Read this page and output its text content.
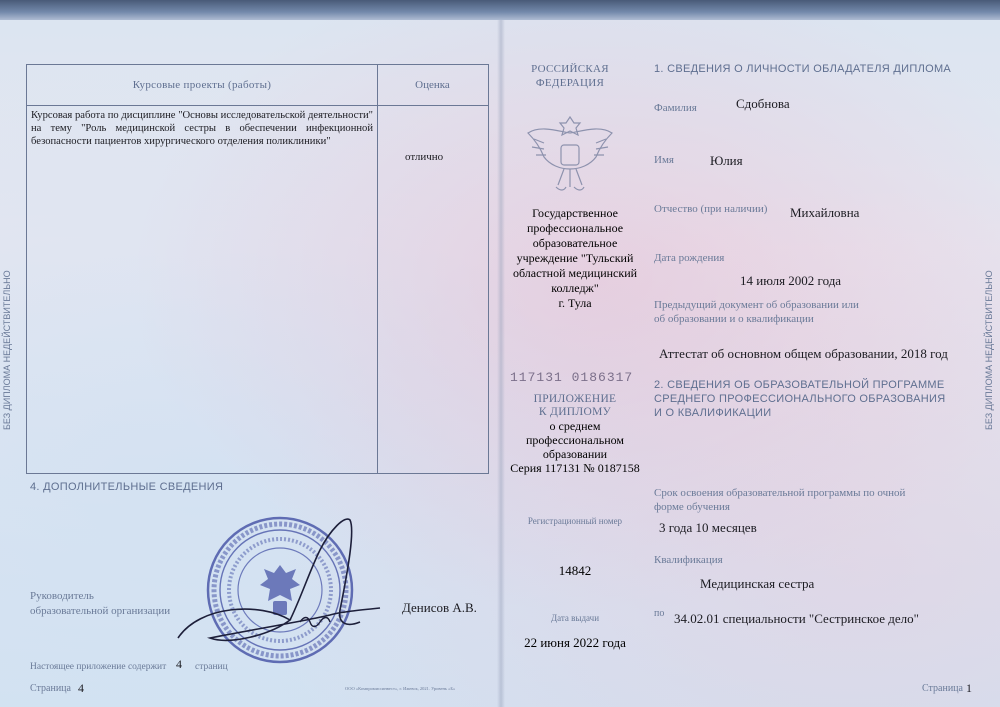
БЕЗ ДИПЛОМА НЕДЕЙСТВИТЕЛЬНО
Курсовые проекты (работы)	Оценка
Курсовая работа по дисциплине "Основы исследовательской деятельности" на тему "Роль медицинской сестры в обеспечении инфекционной безопасности пациентов хирургического отделения поликлиники"
отлично
4. ДОПОЛНИТЕЛЬНЫЕ СВЕДЕНИЯ
Руководитель
образовательной организации	Денисов А.В.
Настоящее приложение содержит 4 страниц
Страница 4	ООО «Компромиссинвест», г. Ижевск, 2021. Уровень «Б»
РОССИЙСКАЯ
ФЕДЕРАЦИЯ
Государственное
профессиональное
образовательное
учреждение "Тульский
областной медицинский
колледж"
г. Тула
117131 0186317
ПРИЛОЖЕНИЕ
К ДИПЛОМУ
о среднем
профессиональном
образовании
Серия 117131 № 0187158
Регистрационный номер
14842
Дата выдачи
22 июня 2022 года
1. СВЕДЕНИЯ О ЛИЧНОСТИ ОБЛАДАТЕЛЯ ДИПЛОМА
Фамилия	Сдобнова
Имя	Юлия
Отчество (при наличии) Михайловна
Дата рождения
14 июля 2002 года
Предыдущий документ об образовании или
об образовании и о квалификации
Аттестат об основном общем образовании, 2018 год
2. СВЕДЕНИЯ ОБ ОБРАЗОВАТЕЛЬНОЙ ПРОГРАММЕ
СРЕДНЕГО ПРОФЕССИОНАЛЬНОГО ОБРАЗОВАНИЯ
И О КВАЛИФИКАЦИИ
Срок освоения образовательной программы по очной
форме обучения
3 года 10 месяцев
Квалификация
Медицинская сестра
по 34.02.01 специальности "Сестринское дело"
Страница 1
БЕЗ ДИПЛОМА НЕДЕЙСТВИТЕЛЬНО
